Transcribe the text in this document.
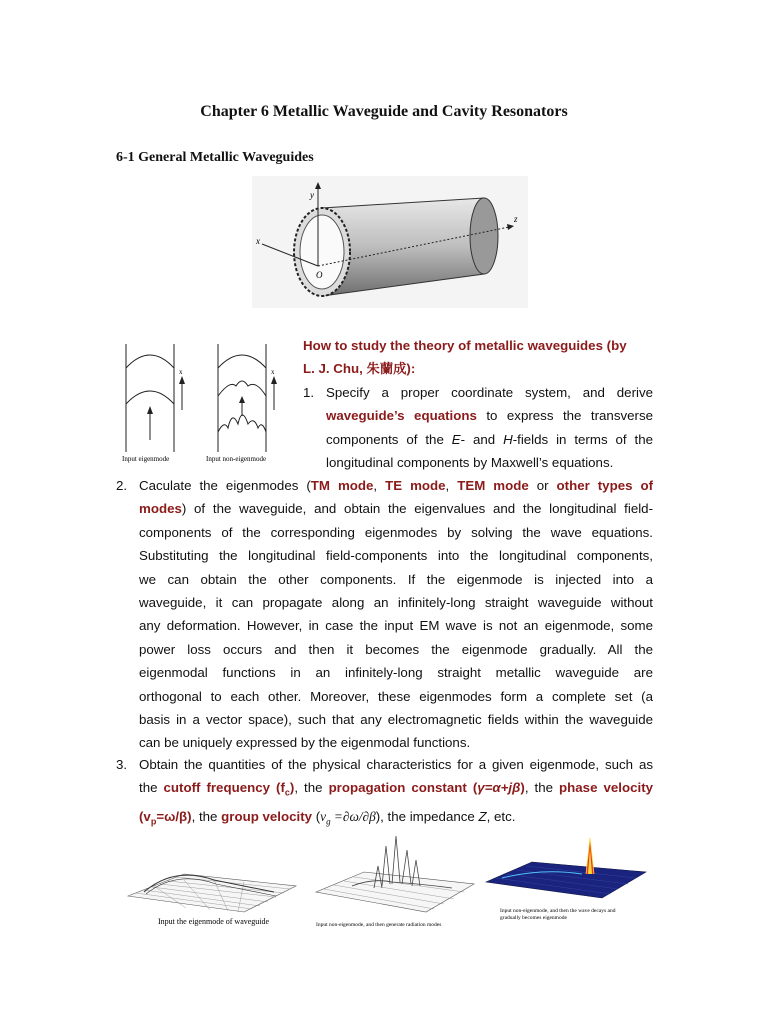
Chapter 6 Metallic Waveguide and Cavity Resonators
6-1 General Metallic Waveguides
y
x
z
O
x	x
Input eigenmode	Input non-eigenmode
How to study the theory of metallic waveguides (by
L. J. Chu, 朱蘭成):
1. Specify a proper coordinate system, and derive
waveguide’s equations to express the transverse
components of the E- and H-fields in terms of the
longitudinal components by Maxwell’s equations.
2. Caculate the eigenmodes (TM mode, TE mode, TEM mode or other types of
modes) of the waveguide, and obtain the eigenvalues and the longitudinal field-
components of the corresponding eigenmodes by solving the wave equations.
Substituting the longitudinal field-components into the longitudinal components,
we can obtain the other components. If the eigenmode is injected into a
waveguide, it can propagate along an infinitely-long straight waveguide without
any deformation. However, in case the input EM wave is not an eigenmode, some
power loss occurs and then it becomes the eigenmode gradually. All the
eigenmodal functions in an infinitely-long straight metallic waveguide are
orthogonal to each other. Moreover, these eigenmodes form a complete set (a
basis in a vector space), such that any electromagnetic fields within the waveguide
can be uniquely expressed by the eigenmodal functions.
3. Obtain the quantities of the physical characteristics for a given eigenmode, such as
the cutoff frequency $(f_c)$, the propagation constant (γ=α+jβ), the phase velocity
$(v_p=\omega/\beta)$, the group velocity $(v_g =\partial\omega/\partial\beta)$, the impedance Z, etc.
Input the eigenmode of waveguide	Input non-eigenmode, and then generate radiation modes
Input non-eigenmode, and then the wave decays and
gradually becomes eigenmode
